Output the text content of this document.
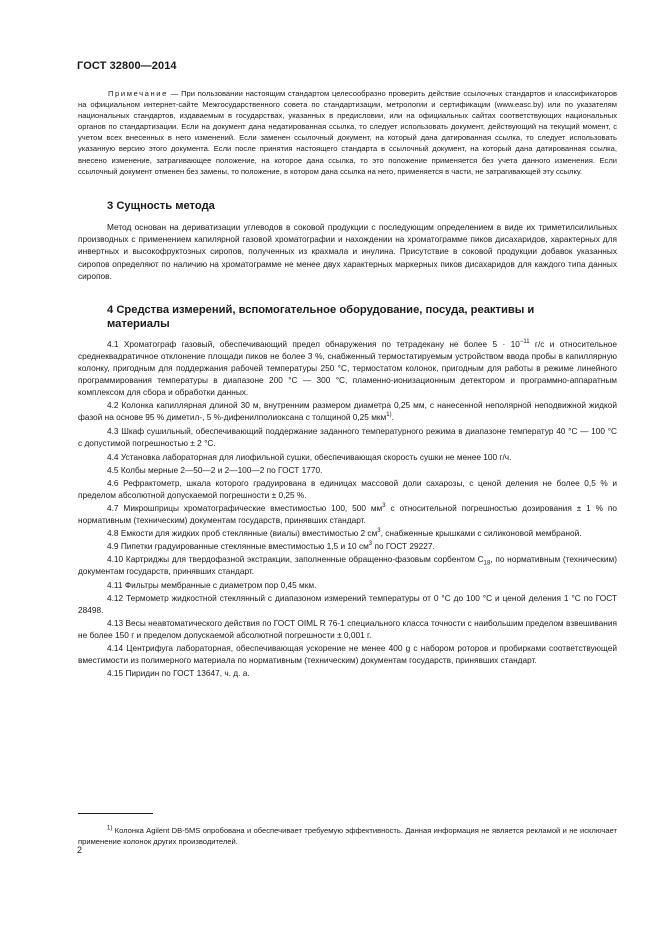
ГОСТ 32800—2014

Примечание — При пользовании настоящим стандартом целесообразно проверить действие ссылочных стандартов и классификаторов на официальном интернет-сайте Межгосударственного совета по стандартизации, метрологии и сертификации (www.easc.by) или по указателям национальных стандартов, издаваемым в государствах, указанных в предисловии, или на официальных сайтах соответствующих национальных органов по стандартизации. Если на документ дана недатированная ссылка, то следует использовать документ, действующий на текущий момент, с учетом всех внесенных в него изменений. Если заменен ссылочный документ, на который дана датированная ссылка, то следует использовать указанную версию этого документа. Если после принятия настоящего стандарта в ссылочный документ, на который дана датированная ссылка, внесено изменение, затрагивающее положение, на которое дана ссылка, то это положение применяется без учета данного изменения. Если ссылочный документ отменен без замены, то положение, в котором дана ссылка на него, применяется в части, не затрагивающей эту ссылку.

3 Сущность метода

Метод основан на дериватизации углеводов в соковой продукции с последующим определением в виде их триметилсилильных производных с применением капилярной газовой хроматографии и нахождении на хроматограмме пиков дисахаридов, характерных для инвертных и высокофруктозных сиропов, полученных из крахмала и инулина. Присутствие в соковой продукции добавок указанных сиропов определяют по наличию на хроматограмме не менее двух характерных маркерных пиков дисахаридов для каждого типа данных сиропов.

4 Средства измерений, вспомогательное оборудование, посуда, реактивы и материалы

4.1 Хроматограф газовый, обеспечивающий предел обнаружения по тетрадекану не более $5 \cdot 10^{-11}$ г/с и относительное среднеквадратичное отклонение площади пиков не более 3 %, снабженный термостатируемым устройством ввода пробы в капиллярную колонку, пригодным для поддержания рабочей температуры 250 °С, термостатом колонок, пригодным для работы в режиме линейного программирования температуры в диапазоне 200 °С — 300 °С, пламенно-ионизационным детектором и программно-аппаратным комплексом для сбора и обработки данных.

4.2 Колонка капиллярная длиной 30 м, внутренним размером диаметра 0,25 мм, с нанесенной неполярной неподвижной жидкой фазой на основе 95 % диметил-, 5 %-дифенилполиоксана с толщиной 0,25 мкм$^{1)}$.

4.3 Шкаф сушильный, обеспечивающий поддержание заданного температурного режима в диапазоне температур 40 °С — 100 °С с допустимой погрешностью ± 2 °С.

4.4 Установка лабораторная для лиофильной сушки, обеспечивающая скорость сушки не менее 100 г/ч.

4.5 Колбы мерные 2—50—2 и 2—100—2 по ГОСТ 1770.

4.6 Рефрактометр, шкала которого градуирована в единицах массовой доли сахарозы, с ценой деления не более 0,5 % и пределом абсолютной допускаемой погрешности ± 0,25 %.

4.7 Микрошприцы хроматографические вместимостью 100, 500 $мм^3$ с относительной погрешностью дозирования ± 1 % по нормативным (техническим) документам государств, принявших стандарт.

4.8 Емкости для жидких проб стеклянные (виалы) вместимостью 2 $см^3$, снабженные крышками с силиконовой мембраной.

4.9 Пипетки градуированные стеклянные вместимостью 1,5 и 10 $см^3$ по ГОСТ 29227.

4.10 Картриджы для твердофазной экстракции, заполненные обращенно-фазовым сорбентом $С_{18}$, по нормативным (техническим) документам государств, принявших стандарт.

4.11 Фильтры мембранные с диаметром пор 0,45 мкм.

4.12 Термометр жидкостной стеклянный с диапазоном измерений температуры от 0 °С до 100 °С и ценой деления 1 °С по ГОСТ 28498.

4.13 Весы неавтоматического действия по ГОСТ OIML R 76-1 специального класса точности с наибольшим пределом взвешивания не более 150 г и пределом допускаемой абсолютной погрешности ± 0,001 г.

4.14 Центрифуга лабораторная, обеспечивающая ускорение не менее 400 g с набором роторов и пробирками соответствующей вместимости из полимерного материала по нормативным (техническим) документам государств, принявших стандарт.

4.15 Пиридин по ГОСТ 13647, ч. д. а.

$^{1)}$ Колонка Agilent DB-5MS опробована и обеспечивает требуемую эффективность. Данная информация не является рекламой и не исключает применение колонок других производителей.

2
